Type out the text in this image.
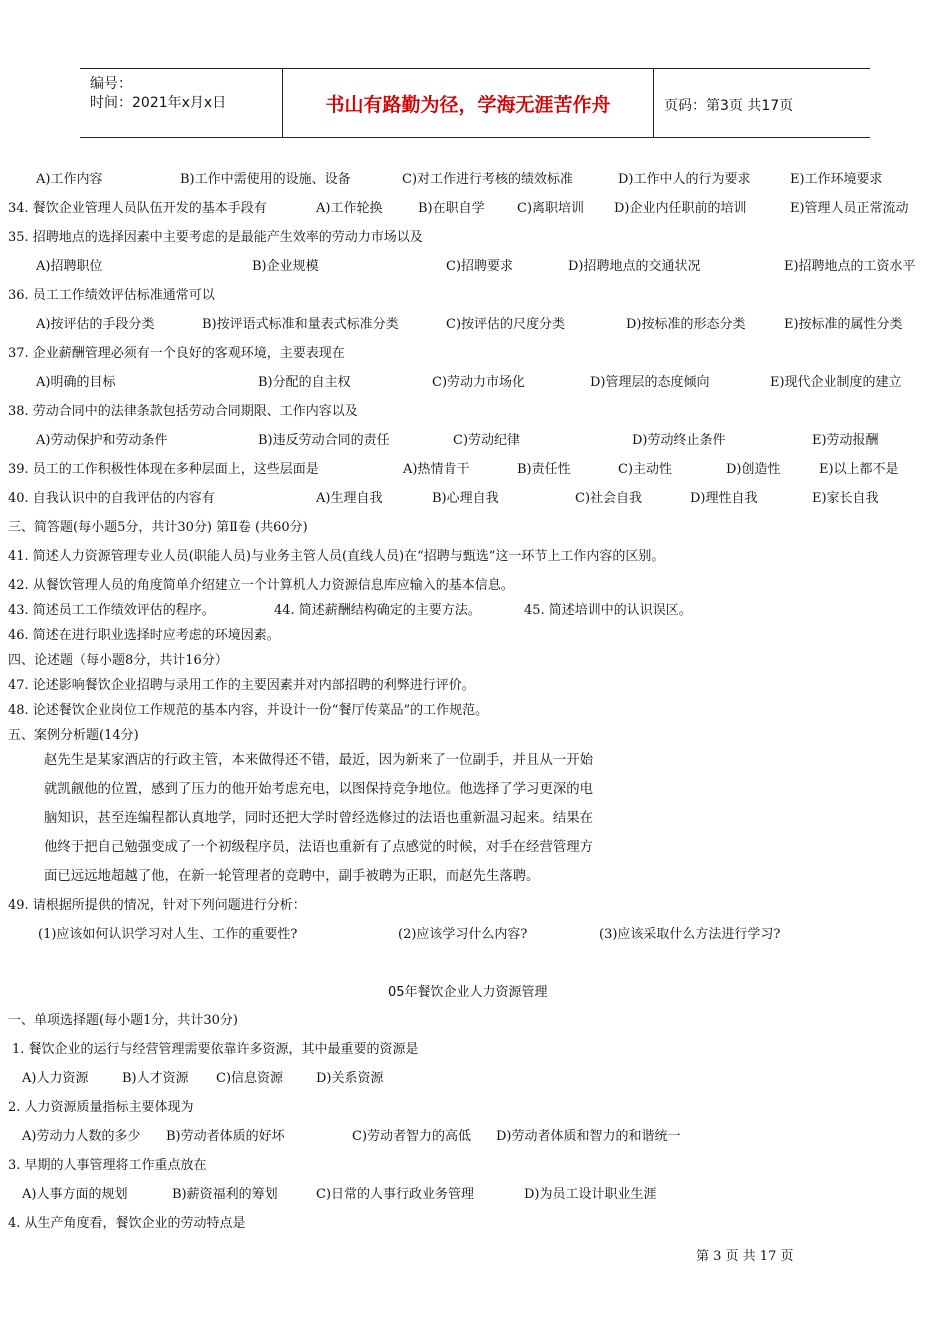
编号：
时间：2021年x月x日	书山有路勤为径，学海无涯苦作舟	页码：第3页 共17页
A)工作内容	B)工作中需使用的设施、设备	C)对工作进行考核的绩效标准	D)工作中人的行为要求	E)工作环境要求
34. 餐饮企业管理人员队伍开发的基本手段有	A)工作轮换	B)在职自学 C)离职培训 D)企业内任职前的培训	E)管理人员正常流动
35. 招聘地点的选择因素中主要考虑的是最能产生效率的劳动力市场以及
A)招聘职位	B)企业规模	C)招聘要求	D)招聘地点的交通状况	E)招聘地点的工资水平
36. 员工工作绩效评估标准通常可以
A)按评估的手段分类	B)按评语式标准和量表式标准分类	C)按评估的尺度分类	D)按标准的形态分类	E)按标准的属性分类
37. 企业薪酬管理必须有一个良好的客观环境，主要表现在
A)明确的目标	B)分配的自主权	C)劳动力市场化	D)管理层的态度倾向	E)现代企业制度的建立
38. 劳动合同中的法律条款包括劳动合同期限、工作内容以及
A)劳动保护和劳动条件	B)违反劳动合同的责任	C)劳动纪律	D)劳动终止条件	E)劳动报酬
39. 员工的工作积极性体现在多种层面上，这些层面是	A)热情肯干	B)责任性	C)主动性	D)创造性	E)以上都不是
40. 自我认识中的自我评估的内容有	A)生理自我	B)心理自我	C)社会自我	D)理性自我	E)家长自我
三、简答题(每小题5分，共计30分) 第Ⅱ卷 (共60分)
41. 简述人力资源管理专业人员(职能人员)与业务主管人员(直线人员)在“招聘与甄选”这一环节上工作内容的区别。
42. 从餐饮管理人员的角度简单介绍建立一个计算机人力资源信息库应输入的基本信息。
43. 简述员工工作绩效评估的程序。	44. 简述薪酬结构确定的主要方法。	45. 简述培训中的认识误区。
46. 简述在进行职业选择时应考虑的环境因素。
四、论述题（每小题8分，共计16分）
47. 论述影响餐饮企业招聘与录用工作的主要因素并对内部招聘的利弊进行评价。
48. 论述餐饮企业岗位工作规范的基本内容，并设计一份“餐厅传菜品”的工作规范。
五、案例分析题(14分)
赵先生是某家酒店的行政主管，本来做得还不错，最近，因为新来了一位副手，并且从一开始
就凯觎他的位置，感到了压力的他开始考虑充电，以图保持竞争地位。他选择了学习更深的电
脑知识，甚至连编程都认真地学，同时还把大学时曾经选修过的法语也重新温习起来。结果在
他终于把自己勉强变成了一个初级程序员，法语也重新有了点感觉的时候，对手在经营管理方
面已远远地超越了他，在新一轮管理者的竞聘中，副手被聘为正职，而赵先生落聘。
49. 请根据所提供的情况，针对下列问题进行分析：
(1)应该如何认识学习对人生、工作的重要性?	(2)应该学习什么内容?	(3)应该采取什么方法进行学习?
05年餐饮企业人力资源管理
一、单项选择题(每小题1分，共计30分)
1. 餐饮企业的运行与经营管理需要依靠许多资源，其中最重要的资源是
A)人力资源	B)人才资源 C)信息资源	D)关系资源
2. 人力资源质量指标主要体现为
A)劳动力人数的多少 B)劳动者体质的好坏	C)劳动者智力的高低 D)劳动者体质和智力的和谐统一
3. 早期的人事管理将工作重点放在
A)人事方面的规划	B)薪资福利的筹划	C)日常的人事行政业务管理	D)为员工设计职业生涯
4. 从生产角度看，餐饮企业的劳动特点是
第 3 页 共 17 页
